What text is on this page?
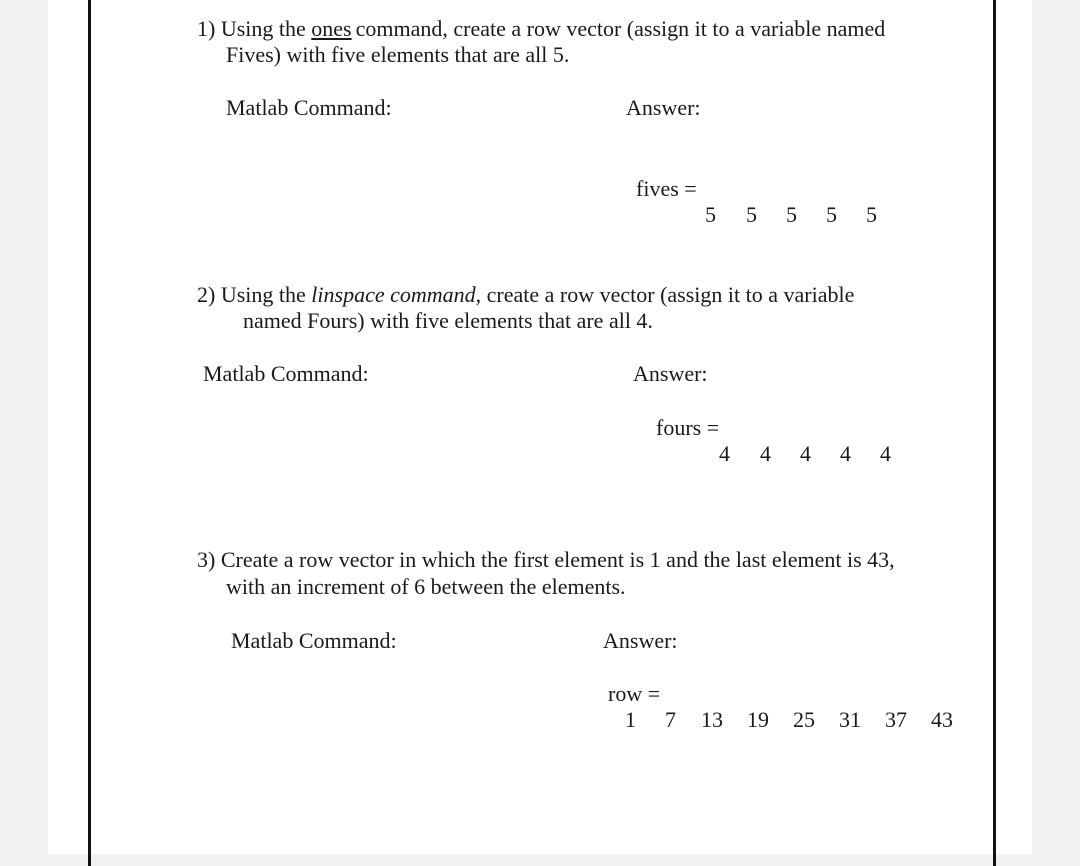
1) Using the ones command, create a row vector (assign it to a variable named
Fives) with five elements that are all 5.
Matlab Command:	Answer:
fives =
5 5 5 5 5
2) Using the linspace command, create a row vector (assign it to a variable
named Fours) with five elements that are all 4.
Matlab Command:	Answer:
fours =
4 4 4 4 4
3) Create a row vector in which the first element is 1 and the last element is 43,
with an increment of 6 between the elements.
Matlab Command:	Answer:
row =
1 7 13 19 25 31 37 43
